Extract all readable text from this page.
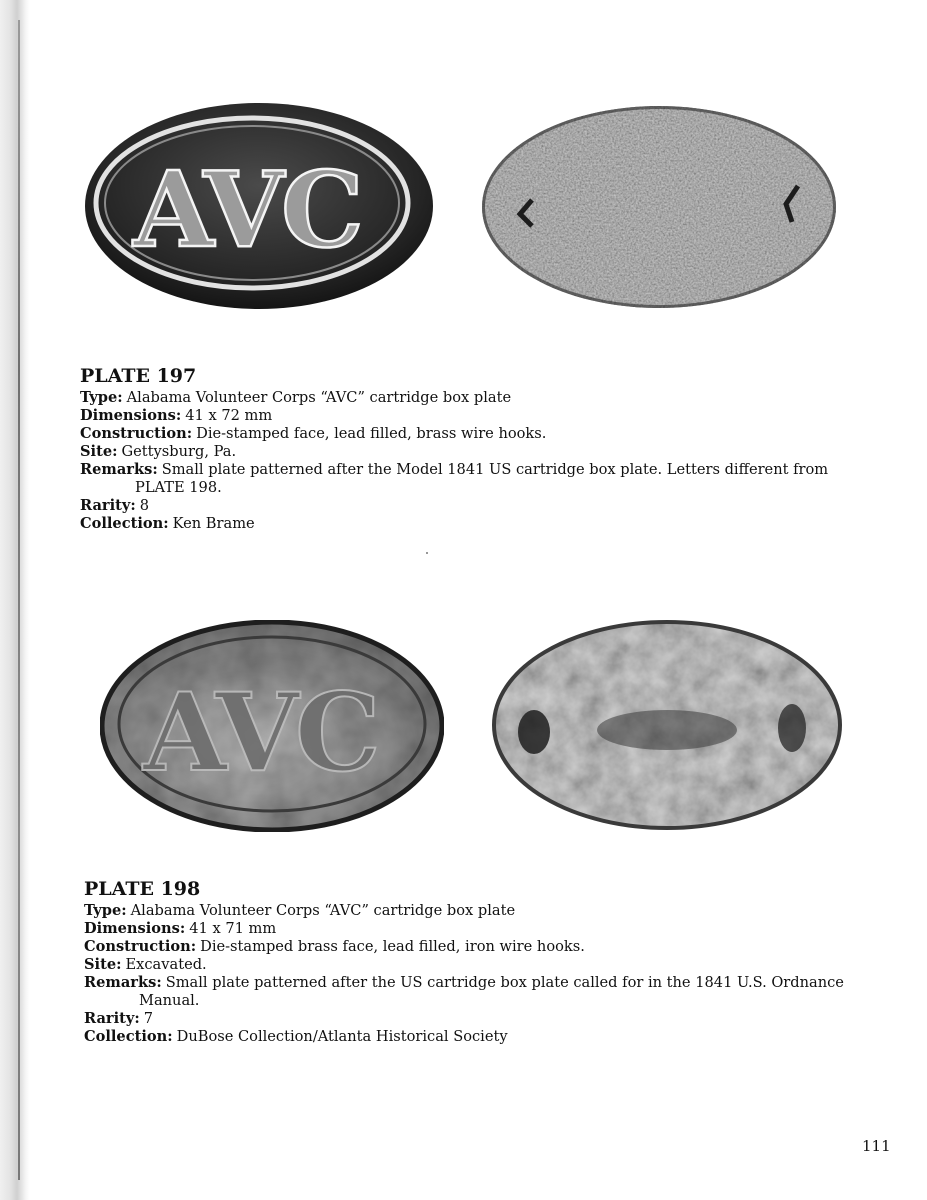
AVC
PLATE 197
Type: Alabama Volunteer Corps “AVC” cartridge box plate
Dimensions: 41 x 72 mm
Construction: Die-stamped face, lead filled, brass wire hooks.
Site: Gettysburg, Pa.
Remarks: Small plate patterned after the Model 1841 US cartridge box plate. Letters different from PLATE 198.
Rarity: 8
Collection: Ken Brame
AVC
PLATE 198
Type: Alabama Volunteer Corps “AVC” cartridge box plate
Dimensions: 41 x 71 mm
Construction: Die-stamped brass face, lead filled, iron wire hooks.
Site: Excavated.
Remarks: Small plate patterned after the US cartridge box plate called for in the 1841 U.S. Ordnance Manual.
Rarity: 7
Collection: DuBose Collection/Atlanta Historical Society
111
